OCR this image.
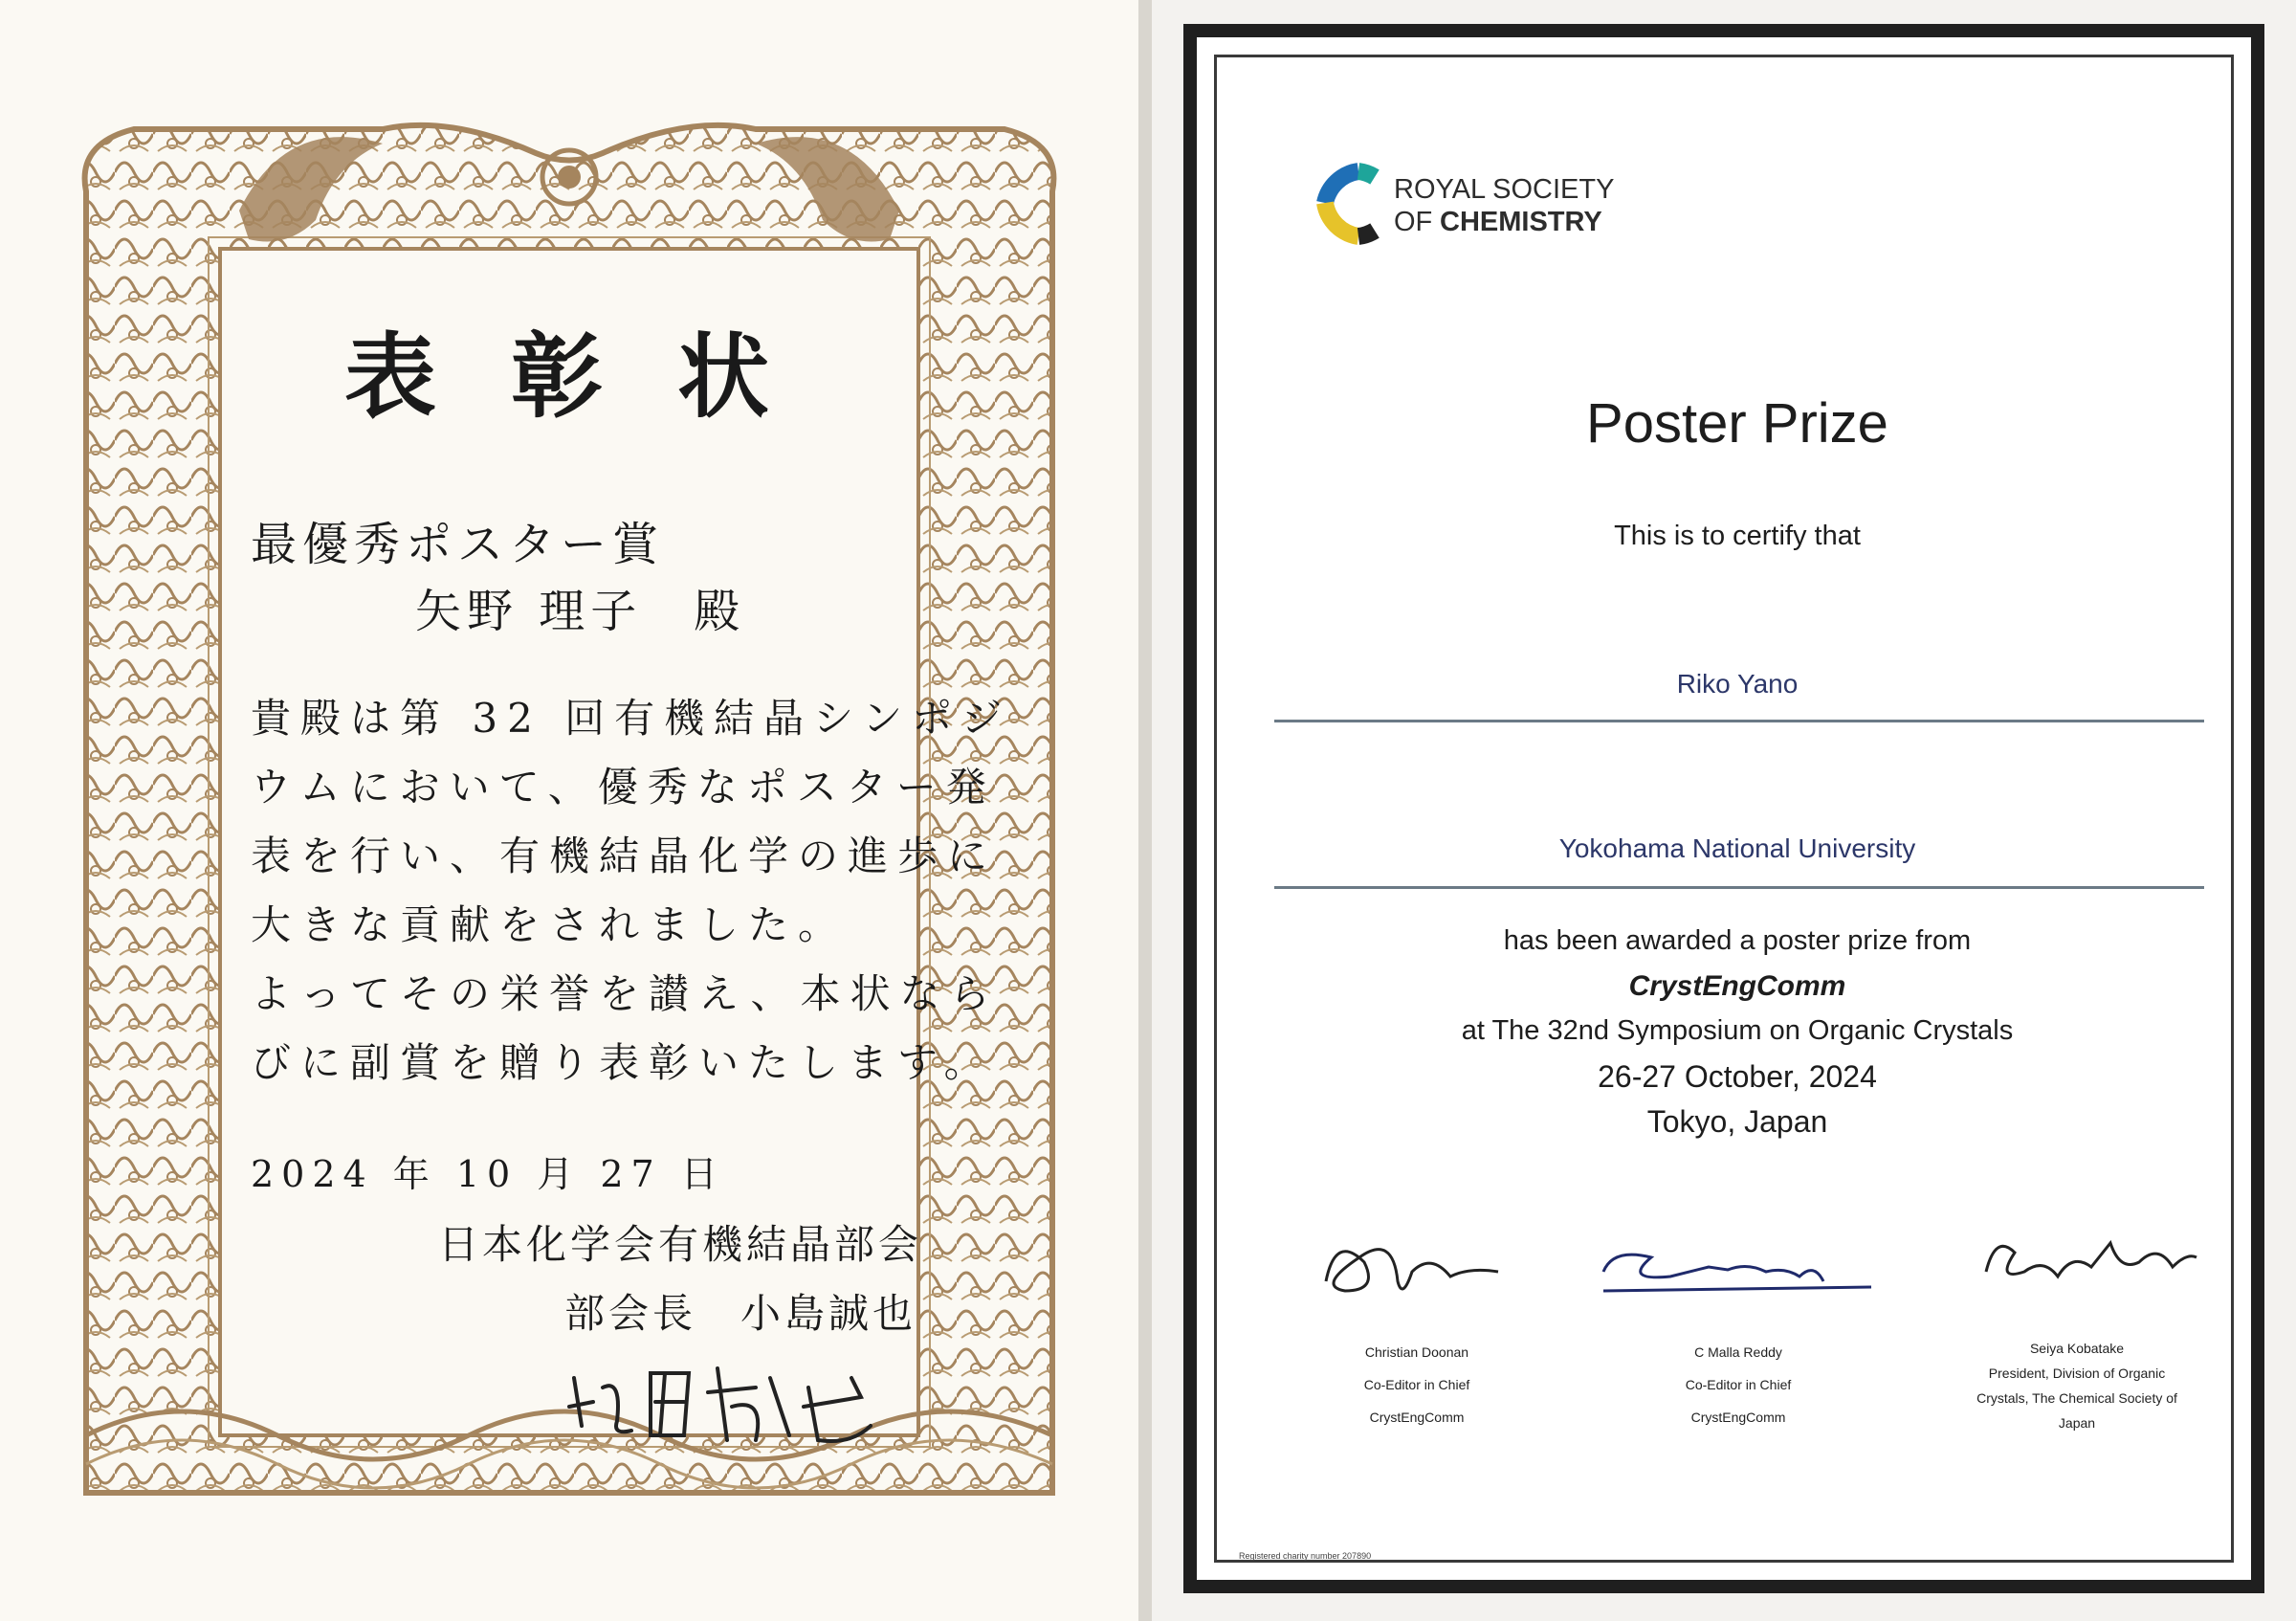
表彰状
最優秀ポスター賞
矢野 理子　殿
貴殿は第 32 回有機結晶シンポジ
ウムにおいて、優秀なポスター発
表を行い、有機結晶化学の進歩に
大きな貢献をされました。
よってその栄誉を讃え、本状なら
びに副賞を贈り表彰いたします。
2024 年 10 月 27 日
日本化学会有機結晶部会
部会長　小島誠也
ROYAL SOCIETY
OF CHEMISTRY
Poster Prize
This is to certify that
Riko Yano
Yokohama National University
has been awarded a poster prize from
CrystEngComm
at The 32nd Symposium on Organic Crystals
26-27 October, 2024
Tokyo, Japan
Christian Doonan
Co-Editor in Chief
CrystEngComm
C Malla Reddy
Co-Editor in Chief
CrystEngComm
Seiya Kobatake
President, Division of Organic
Crystals, The Chemical Society of
Japan
Registered charity number 207890
